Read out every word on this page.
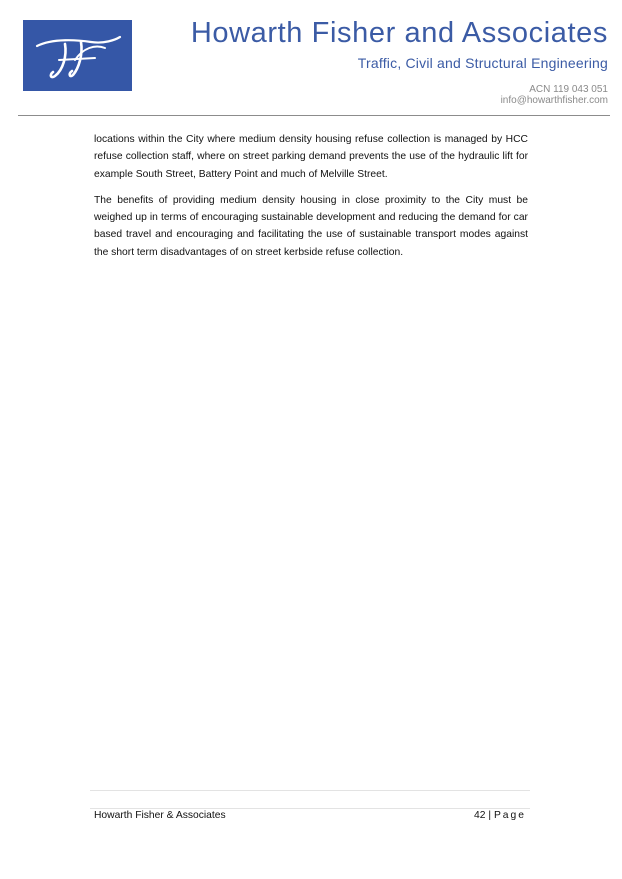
Howarth Fisher and Associates
Traffic, Civil and Structural Engineering
ACN 119 043 051
info@howarthfisher.com

locations within the City where medium density housing refuse collection is managed by HCC refuse collection staff, where on street parking demand prevents the use of the hydraulic lift for example South Street, Battery Point and much of Melville Street.

The benefits of providing medium density housing in close proximity to the City must be weighed up in terms of encouraging sustainable development and reducing the demand for car based travel and encouraging and facilitating the use of sustainable transport modes against the short term disadvantages of on street kerbside refuse collection.

Howarth Fisher & Associates	42 | Page
